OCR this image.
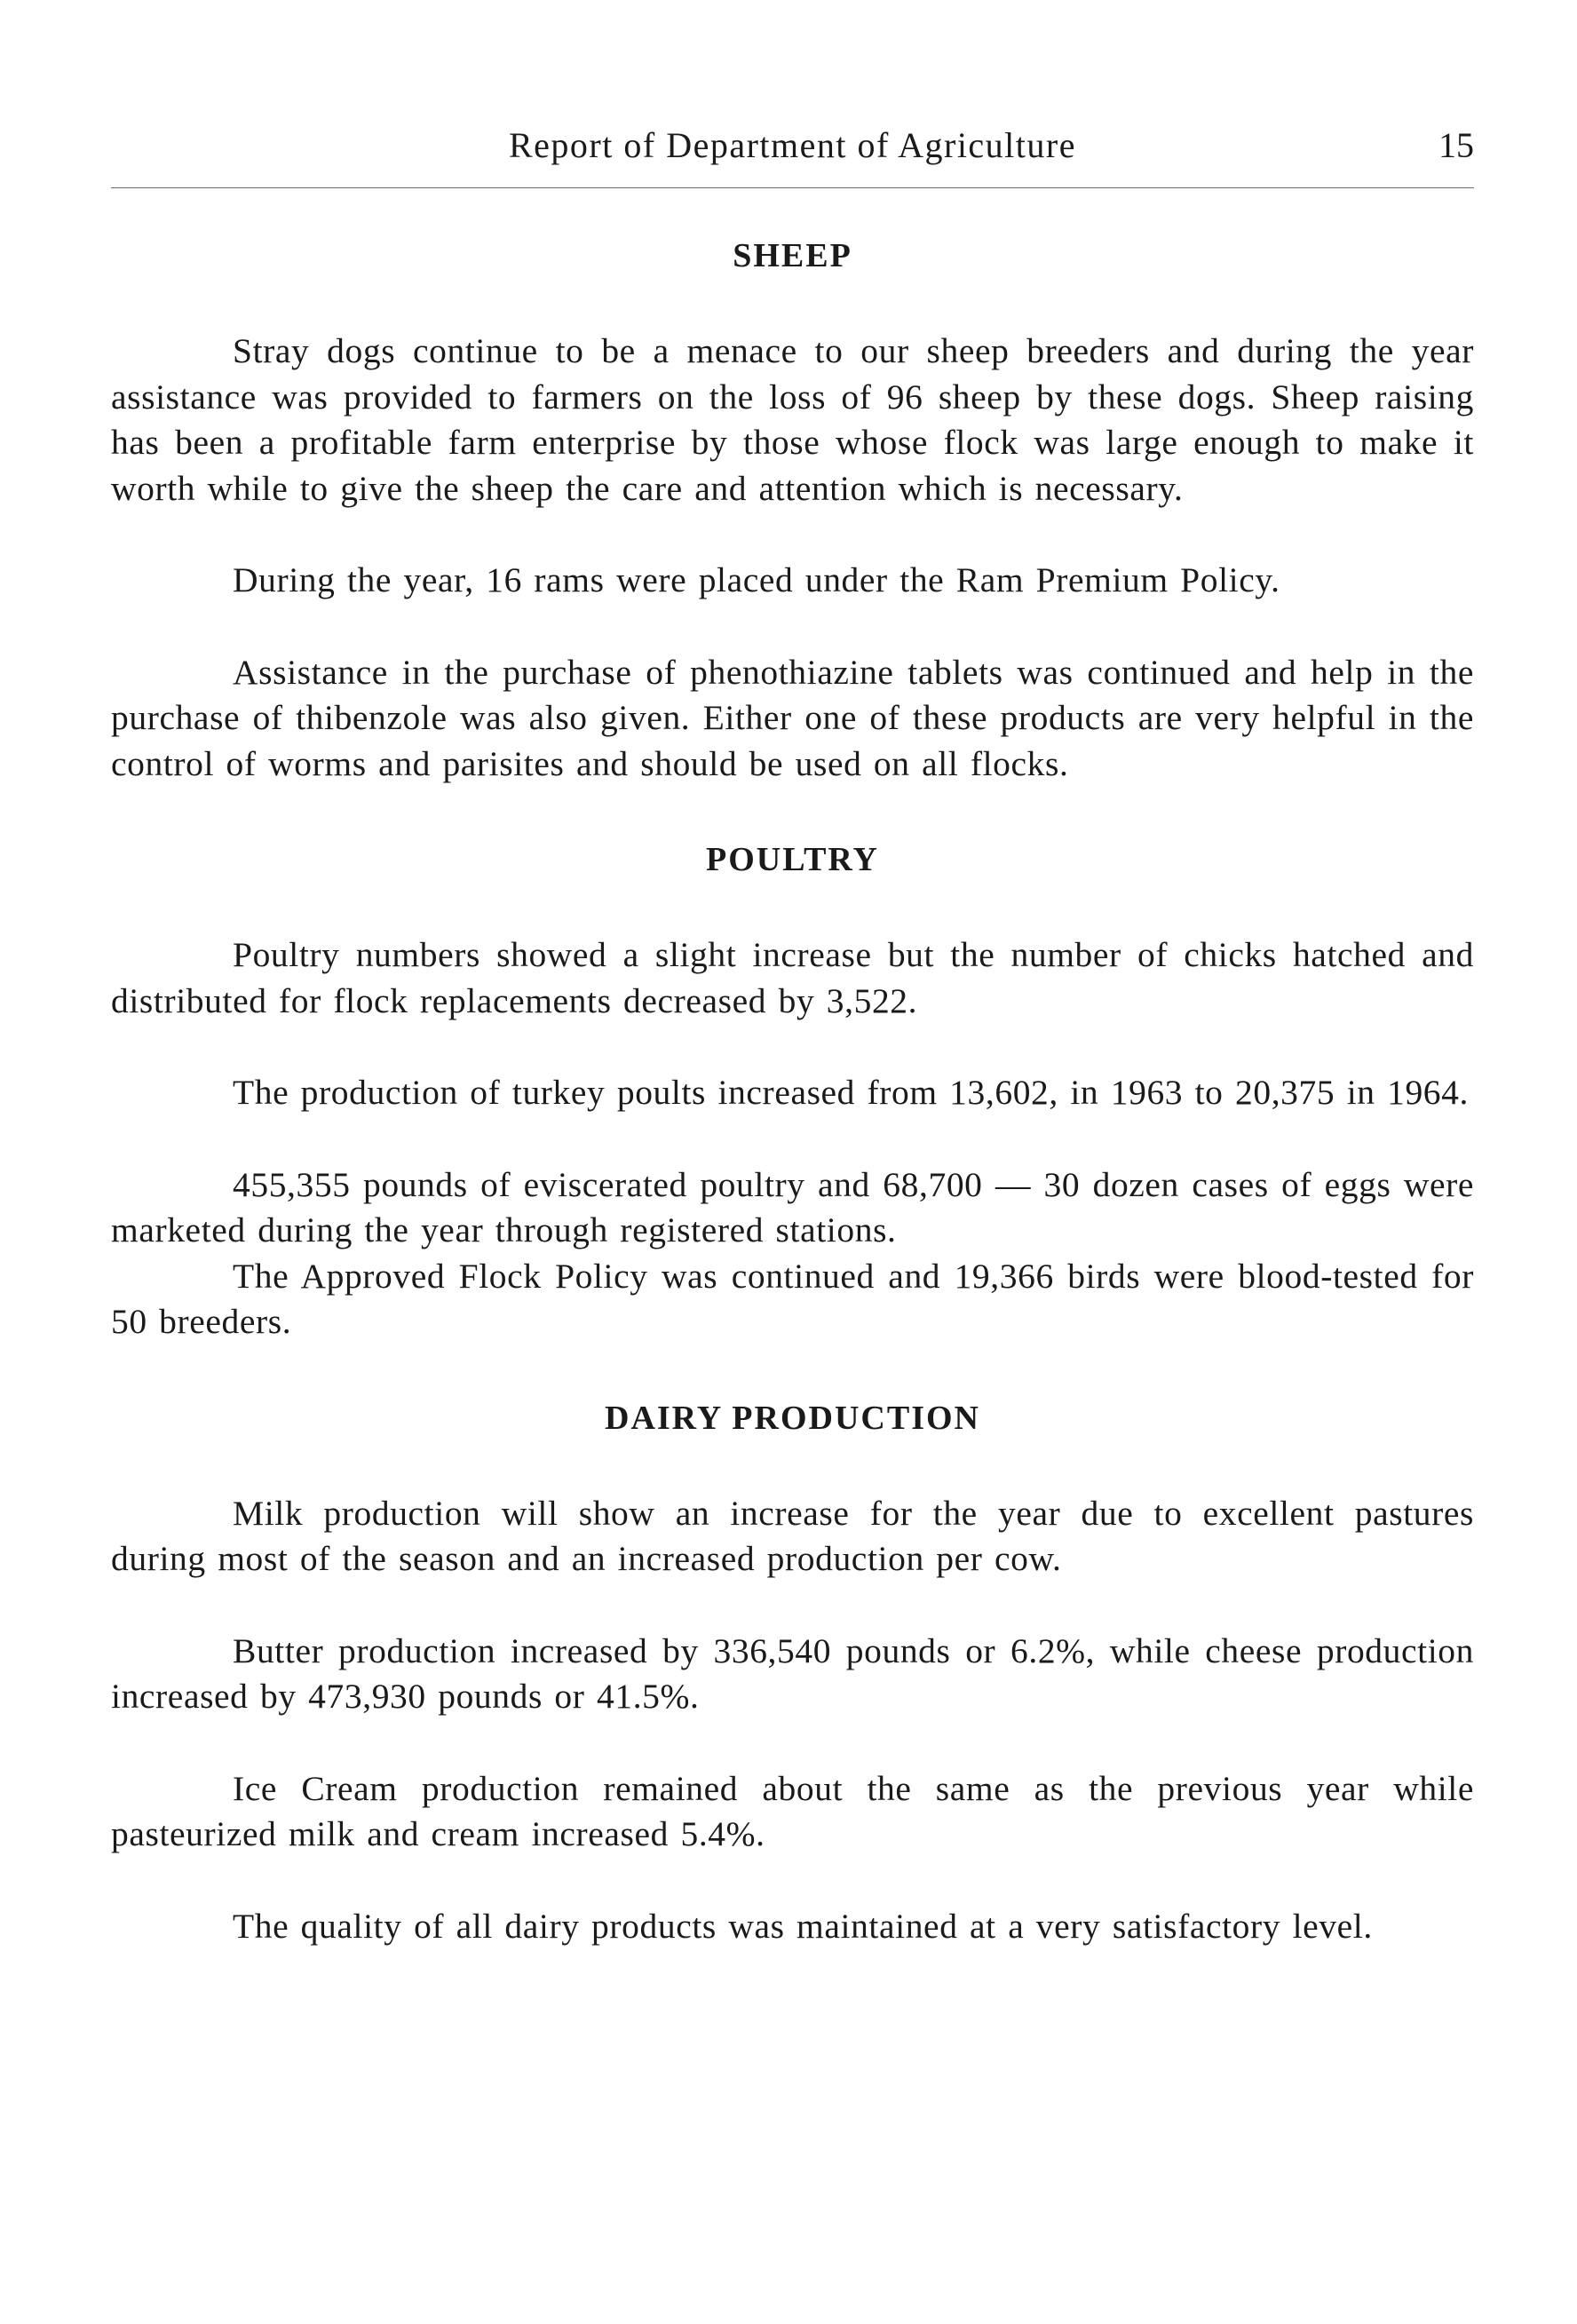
Report of Department of Agriculture	15
SHEEP

Stray dogs continue to be a menace to our sheep breeders and during the year assistance was provided to farmers on the loss of 96 sheep by these dogs. Sheep raising has been a profitable farm enterprise by those whose flock was large enough to make it worth while to give the sheep the care and attention which is necessary.

During the year, 16 rams were placed under the Ram Premium Policy.

Assistance in the purchase of phenothiazine tablets was continued and help in the purchase of thibenzole was also given. Either one of these products are very helpful in the control of worms and parisites and should be used on all flocks.

POULTRY

Poultry numbers showed a slight increase but the number of chicks hatched and distributed for flock replacements decreased by 3,522.

The production of turkey poults increased from 13,602, in 1963 to 20,375 in 1964.

455,355 pounds of eviscerated poultry and 68,700 — 30 dozen cases of eggs were marketed during the year through registered stations.

The Approved Flock Policy was continued and 19,366 birds were blood-tested for 50 breeders.

DAIRY PRODUCTION

Milk production will show an increase for the year due to excellent pastures during most of the season and an increased production per cow.

Butter production increased by 336,540 pounds or 6.2%, while cheese production increased by 473,930 pounds or 41.5%.

Ice Cream production remained about the same as the previous year while pasteurized milk and cream increased 5.4%.

The quality of all dairy products was maintained at a very satisfactory level.
